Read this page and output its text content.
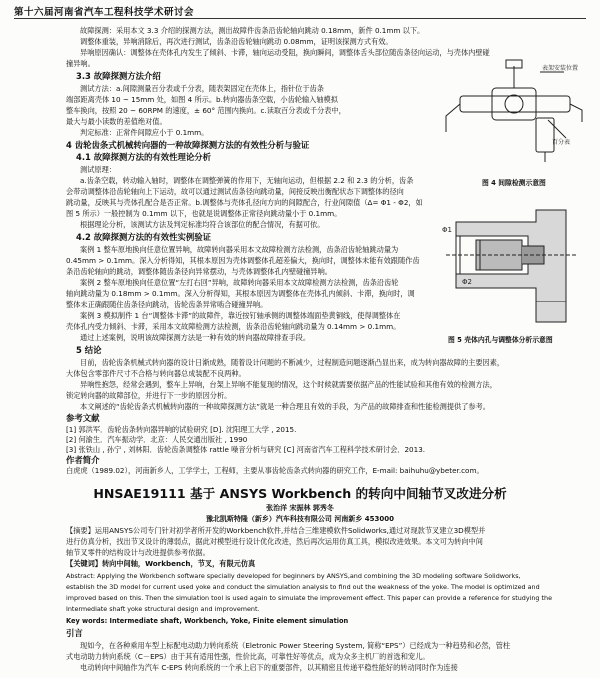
第十六届河南省汽车工程科技学术研讨会
故障探测：采用本文 3.3 介绍的探测方法，测出故障件齿条沿齿轮轴向跳动 0.18mm，新件 0.1mm 以下。
调整体重装，异响消除后，再次进行测试，齿条沿齿轮轴向跳动 0.08mm，证明该探测方式有效。
异响原因确认：调整体在壳体孔内发生了倾斜、卡滞，轴向运动受阻，换向瞬间，调整体舌头部位随齿条径向运动，与壳体内壁碰
撞异响。
3.3 故障探测方法介绍
测试方法：a.间隙测量百分表或千分表，随表架固定在壳体上，指针位于齿条
端部距离壳体 10 ~ 15mm 处，如图 4 所示。b.转向器齿条空载，小齿轮输入轴模拟
整车换向，按照 20 ~ 60RPM 的速度，± 60° 范围内换向。c.读取百分表或千分表中，
最大与最小读数的差值绝对值。
判定标准：正常件间隙应小于 0.1mm。
4 齿轮齿条式机械转向器的一种故障探测方法的有效性分析与验证
4.1 故障探测方法的有效性理论分析
测试原理：
a.齿条空载，转动输入轴时，调整体在调整弹簧的作用下，无轴向运动，但根据 2.2 和 2.3 的分析，齿条
会带动调整体沿齿轮轴向上下运动，故可以通过测试齿条径向跳动量，间接反映出衡配状态下调整体的径向
跳动量，反映其与壳体孔配合是否正常。b.调整体与壳体孔径向方向的间隙配合，行业间隙值（Δ= Φ1 - Φ2，如
图 5 所示）一般控制为 0.1mm 以下，也就是说调整体正常径向跳动量小于 0.1mm。
根据理论分析，该测试方法及判定标准均符合该部位的配合情况，有据可依。
4.2 故障探测方法的有效性实例验证
案例 1 整车原地换向任意位置异响，故障转向器采用本文故障检测方法检测，齿条沿齿轮轴跳动量为
0.45mm > 0.1mm。深入分析得知，其根本原因为壳体调整体孔超差偏大，换向时，调整体未能有效跟随作齿
条沿齿轮轴向的跳动，调整体随齿条径向异常摆动，与壳体调整体孔内壁碰撞异响。
案例 2 整车原地换向任意位置“左打右回”异响，故障转向器采用本文故障检测方法检测，齿条沿齿轮
轴向跳动量为 0.18mm > 0.1mm。深入分析得知，其根本原因为调整体在壳体孔内倾斜、卡滞，换向时，调
整体未正确跟随住齿条径向跳动，齿轮齿条异常啮合碰撞异响。
案例 3 模拟制件 1 台“调整体卡滞”的故障件，靠近按钉轴承侧的调整体端面垫黄铜线，使得调整体在
壳体孔内受力倾斜、卡滞，采用本文故障检测方法检测，齿条沿齿轮轴向跳动量为 0.14mm > 0.1mm。
通过上述案例，说明该故障探测方法是一种有效的转向器故障排查手段。
5 结论
目前，齿轮齿条机械式转向器的设计日渐成熟，随着设计问题的不断减少，过程制造问题逐渐凸显出来，成为转向器故障的主要因素，
大体包含零部件尺寸不合格与转向器总成装配不良两种。
异响性抱怨，经常会遇到，整车上异响，台架上异响不能复现的情况，这个时候就需要依据产品的性能试验和其他有效的检测方法，
锁定转向器的故障部位，并进行下一步的原因分析。
本文阐述的“齿轮齿条式机械转向器的一种故障探测方法”就是一种合理且有效的手段，为产品的故障排查和性能检测提供了参考。
参考文献
[1] 郭洪军．齿轮齿条转向器异响的试验研究 [D]. 沈阳理工大学 , 2015.
[2] 何渝生．汽车振动学．北京：人民交通出版社 , 1990
[3] 张铁山 , 孙宁 , 刘林阳．齿轮齿条调整体 rattle 噪音分析与研究 [C] 河南省汽车工程科学技术研讨会．2013.
作者简介
白虎虎（1989.02），河南新乡人，工学学士，工程师，主要从事齿轮齿条式转向器的研究工作，E-mail: baihuhu@ybeter.com。
表架安装位置
百分表
图 4 间隙检测示意图
Φ1
Φ2
图 5 壳体内孔与调整体分析示意图
HNSAE19111 基于 ANSYS Workbench 的转向中间轴节叉改进分析
张治洋 宋振林 郭秀冬
豫北凯斯特隆（新乡）汽车科技有限公司 河南新乡 453000
【摘要】运用ANSYS公司专门针对初学者所开发的Workbench软件,并结合三维建模软件Solidworks,通过对现款节叉建立3D模型并
进行仿真分析，找出节叉设计的薄弱点，据此对模型进行设计优化改进，然后再次运用仿真工具，模拟改进效果。本文可为转向中间
轴节叉零件的结构设计与改进提供参考依据。
【关键词】转向中间轴，Workbench，节叉，有限元仿真
Abstract: Applying the Workbench software specially developed for beginners by ANSYS,and combining the 3D modeling software Solidworks,
establish the 3D model for current used yoke and conduct the simulation analysis to find out the weakness of the yoke. The model is optimized and
improved based on this. Then the simulation tool is used again to simulate the improvement effect. This paper can provide a reference for studying the
Intermediate shaft yoke structural design and improvement.
Key words: Intermediate shaft, Workbench, Yoke, Finite element simulation
引言
现如今，在各种乘用车型上标配电动助力转向系统（Eletronic Power Steering System, 简称“EPS”）已经成为一种趋势和必然，管柱
式电动助力转向系统（C－EPS）由于其有适用性强，性价比高，可靠性好等优点，成为众多主机厂的首选和宠儿。
电动转向中间轴作为汽车 C-EPS 转向系统的一个承上启下的重要部件，以其精密且传递平稳性能好的转动同时作为连接
